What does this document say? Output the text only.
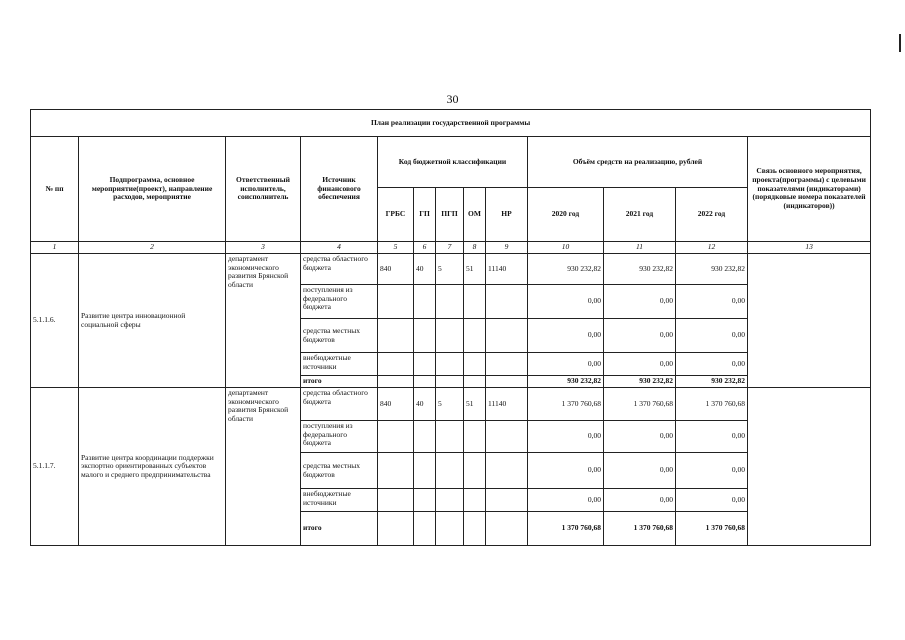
30
План реализации государственной программы												
№ пп	Подпрограмма, основное мероприятие(проект), направление расходов, мероприятие	Ответственный исполнитель, соисполнитель	Источник финансового обеспечения	Код бюджетной классификации					Объём средств на реализацию, рублей			Связь основного мероприятия, проекта(программы) с целевыми показателями (индикаторами) (порядковые номера показателей (индикаторов))
				ГРБС	ГП	ПГП	ОМ	НР	2020 год	2021 год	2022 год	
1	2	3	4	5	6	7	8	9	10	11	12	13
5.1.1.6.	Развитие центра инновационной социальной сферы	департамент экономического развития Брянской области	средства областного бюджета	840	40	5	51	11140	930 232,82	930 232,82	930 232,82	
			поступления из федерального бюджета						0,00	0,00	0,00	
			средства местных бюджетов						0,00	0,00	0,00	
			внебюджетные источники						0,00	0,00	0,00	
			итого						930 232,82	930 232,82	930 232,82	
5.1.1.7.	Развитие центра координации поддержки экспортно ориентированных субъектов малого и среднего предпринимательства	департамент экономического развития Брянской области	средства областного бюджета	840	40	5	51	11140	1 370 760,68	1 370 760,68	1 370 760,68	
			поступления из федерального бюджета						0,00	0,00	0,00	
			средства местных бюджетов						0,00	0,00	0,00	
			внебюджетные источники						0,00	0,00	0,00	
			итого						1 370 760,68	1 370 760,68	1 370 760,68	
